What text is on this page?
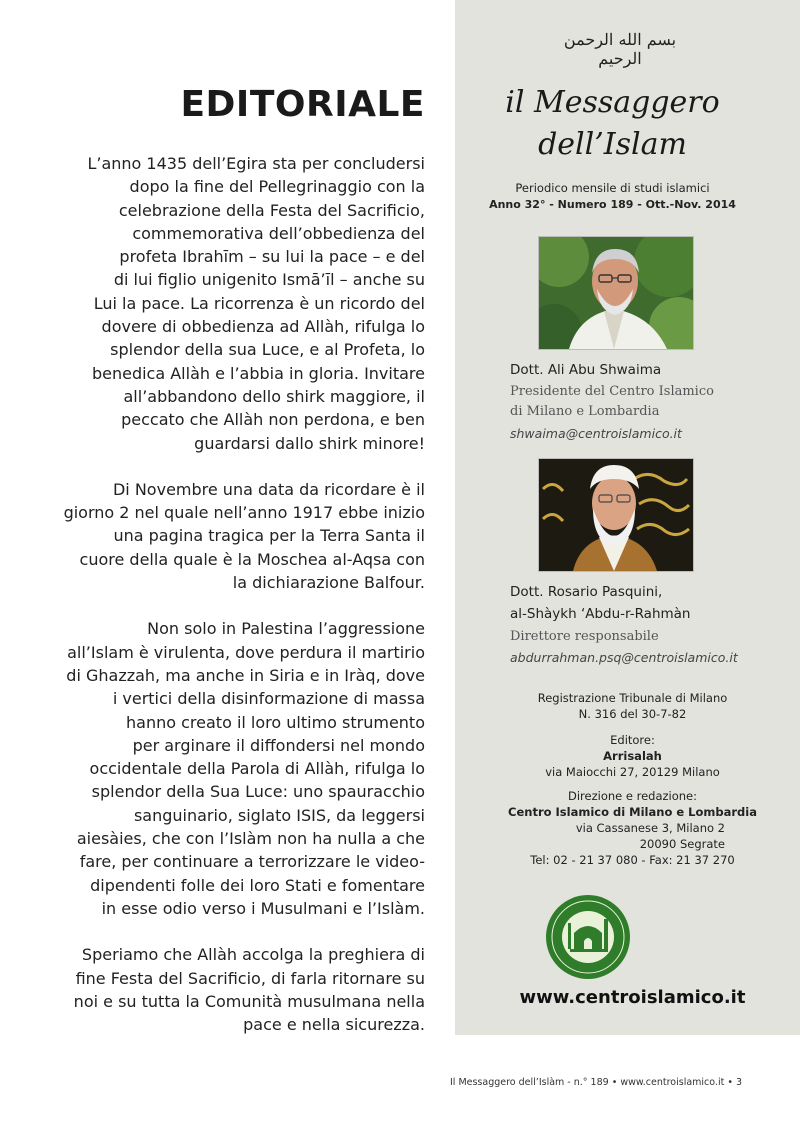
EDITORIALE

L’anno 1435 dell’Egira sta per concludersi
dopo la fine del Pellegrinaggio con la
celebrazione della Festa del Sacrificio,
commemorativa dell’obbedienza del
profeta Ibrahīm – su lui la pace – e del
di lui figlio unigenito Ismā’īl – anche su
Lui la pace. La ricorrenza è un ricordo del
dovere di obbedienza ad Allàh, rifulga lo
splendor della sua Luce, e al Profeta, lo
benedica Allàh e l’abbia in gloria. Invitare
all’abbandono dello shirk maggiore, il
peccato che Allàh non perdona, e ben
guardarsi dallo shirk minore!

Di Novembre una data da ricordare è il
giorno 2 nel quale nell’anno 1917 ebbe inizio
una pagina tragica per la Terra Santa il
cuore della quale è la Moschea al-Aqsa con
la dichiarazione Balfour.

Non solo in Palestina l’aggressione
all’Islam è virulenta, dove perdura il martirio
di Ghazzah, ma anche in Siria e in Iràq, dove
i vertici della disinformazione di massa
hanno creato il loro ultimo strumento
per arginare il diffondersi nel mondo
occidentale della Parola di Allàh, rifulga lo
splendor della Sua Luce: uno spauracchio
sanguinario, siglato ISIS, da leggersi
aiesàies, che con l’Islàm non ha nulla a che
fare, per continuare a terrorizzare le video-
dipendenti folle dei loro Stati e fomentare
in esse odio verso i Musulmani e l’Islàm.

Speriamo che Allàh accolga la preghiera di
fine Festa del Sacrificio, di farla ritornare su
noi e su tutta la Comunità musulmana nella
pace e nella sicurezza.

بسم الله الرحمن الرحيم
il Messaggero
dell’Islam
Periodico mensile di studi islamici
Anno 32° - Numero 189 - Ott.-Nov. 2014
Dott. Ali Abu Shwaima
Presidente del Centro Islamico
di Milano e Lombardia
shwaima@centroislamico.it
Dott. Rosario Pasquini,
al-Shàykh ‘Abdu-r-Rahmàn
Direttore responsabile
abdurrahman.psq@centroislamico.it
Registrazione Tribunale di Milano
N. 316 del 30-7-82
Editore:
Arrisalah
via Maiocchi 27, 20129 Milano
Direzione e redazione:
Centro Islamico di Milano e Lombardia
via Cassanese 3, Milano 2
20090 Segrate
Tel: 02 - 21 37 080 - Fax: 21 37 270
www.centroislamico.it
Il Messaggero dell’Islàm - n.° 189 • www.centroislamico.it • 3
